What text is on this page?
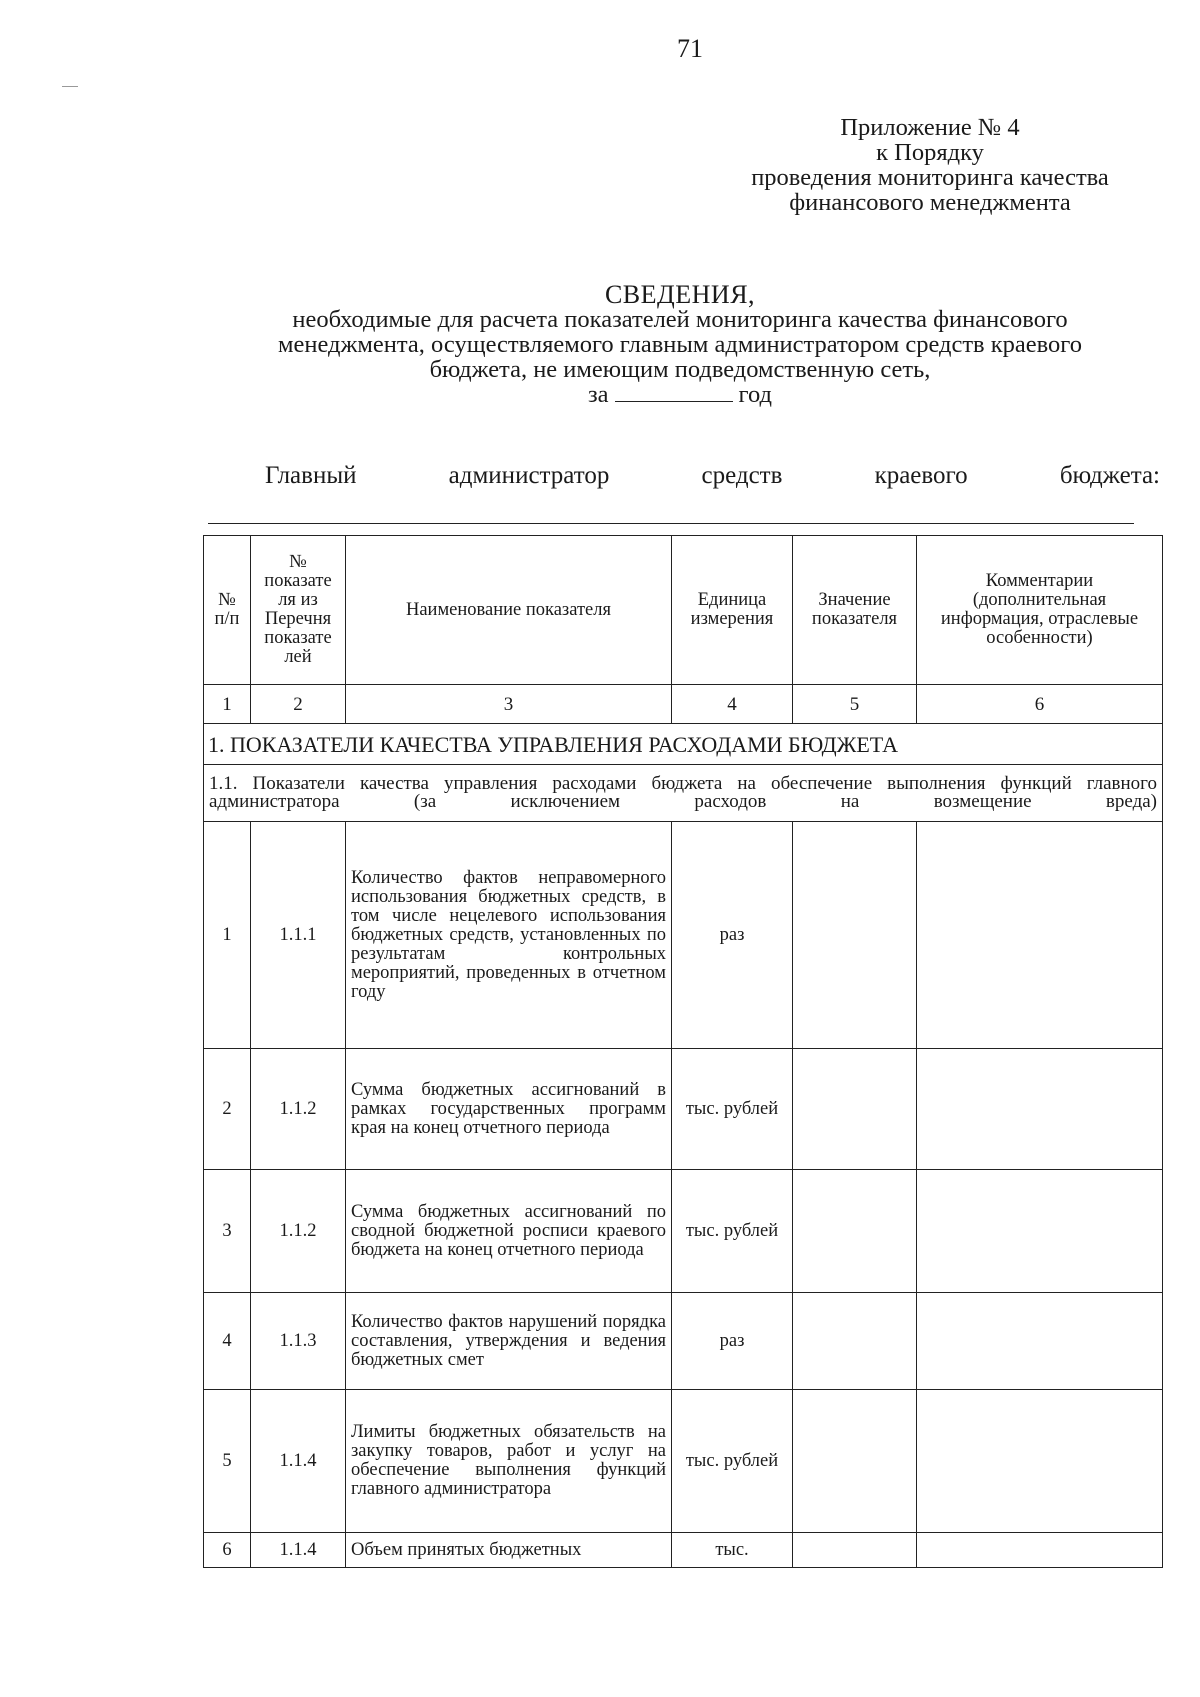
71
Приложение № 4
к Порядку
проведения мониторинга качества
финансового менеджмента
СВЕДЕНИЯ,
необходимые для расчета показателей мониторинга качества финансового
менеджмента, осуществляемого главным администратором средств краевого
бюджета, не имеющим подведомственную сеть,
за	год
Главный	администратор	средств	краевого	бюджета:
№ п/п	№ показате ля из Перечня показате лей	Наименование показателя	Единица измерения	Значение показателя	Комментарии (дополнительная информация, отраслевые особенности)
1	2	3	4	5	6
1. ПОКАЗАТЕЛИ КАЧЕСТВА УПРАВЛЕНИЯ РАСХОДАМИ БЮДЖЕТА					
1.1. Показатели качества управления расходами бюджета на обеспечение выполнения функций главного администратора (за исключением расходов на возмещение вреда)					
1	1.1.1	Количество фактов неправомерного использования бюджетных средств, в том числе нецелевого использования бюджетных средств, установленных по результатам контрольных мероприятий, проведенных в отчетном году	раз		
2	1.1.2	Сумма бюджетных ассигнований в рамках государственных программ края на конец отчетного периода	тыс. рублей		
3	1.1.2	Сумма бюджетных ассигнований по сводной бюджетной росписи краевого бюджета на конец отчетного периода	тыс. рублей		
4	1.1.3	Количество фактов нарушений порядка составления, утверждения и ведения бюджетных смет	раз		
5	1.1.4	Лимиты бюджетных обязательств на закупку товаров, работ и услуг на обеспечение выполнения функций главного администратора	тыс. рублей		
6	1.1.4	Объем принятых бюджетных	тыс.		
